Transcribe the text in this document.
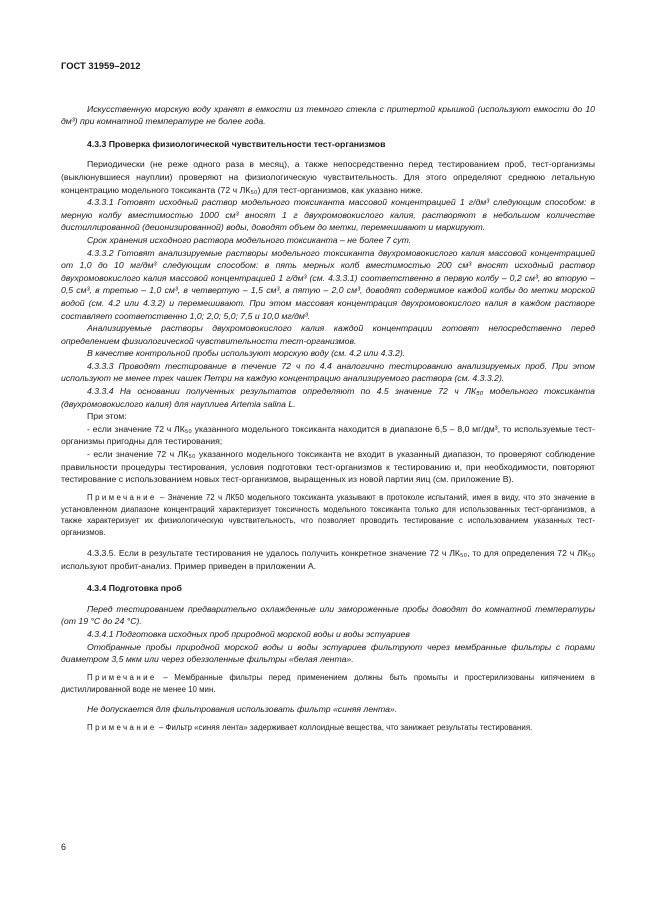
ГОСТ 31959–2012

Искусственную морскую воду хранят в емкости из темного стекла с притертой крышкой (используют емкости до 10 дм³) при комнатной температуре не более года.

4.3.3 Проверка физиологической чувствительности тест-организмов

Периодически (не реже одного раза в месяц), а также непосредственно перед тестированием проб, тест-организмы (выклюнувшиеся науплии) проверяют на физиологическую чувствительность. Для этого определяют среднюю летальную концентрацию модельного токсиканта (72 ч ЛК₅₀) для тест-организмов, как указано ниже.

4.3.3.1 Готовят исходный раствор модельного токсиканта массовой концентрацией 1 г/дм³ следующим способом: в мерную колбу вместимостью 1000 см³ вносят 1 г двухромовокислого калия, растворяют в небольшом количестве дистиллированной (деионизированной) воды, доводят объем до метки, перемешивают и маркируют.

Срок хранения исходного раствора модельного токсиканта – не более 7 сут.

4.3.3.2 Готовят анализируемые растворы модельного токсиканта двухромовокислого калия массовой концентрацией от 1,0 до 10 мг/дм³ следующим способом: в пять мерных колб вместимостью 200 см³ вносят исходный раствор двухромовокислого калия массовой концентрацией 1 г/дм³ (см. 4.3.3.1) соответственно в первую колбу – 0,2 см³, во вторую – 0,5 см³, в третью – 1,0 см³, в четвертую – 1,5 см³, в пятую – 2,0 см³, доводят содержимое каждой колбы до метки морской водой (см. 4.2 или 4.3.2) и перемешивают. При этом массовая концентрация двухромовокислого калия в каждом растворе составляет соответственно 1,0; 2,0; 5,0; 7,5 и 10,0 мг/дм³.

Анализируемые растворы двухромовокислого калия каждой концентрации готовят непосредственно перед определением физиологической чувствительности тест-организмов.

В качестве контрольной пробы используют морскую воду (см. 4.2 или 4.3.2).

4.3.3.3 Проводят тестирование в течение 72 ч по 4.4 аналогично тестированию анализируемых проб. При этом используют не менее трех чашек Петри на каждую концентрацию анализируемого раствора (см. 4.3.3.2).

4.3.3.4 На основании полученных результатов определяют по 4.5 значение 72 ч ЛК₅₀ модельного токсиканта (двухромовокислого калия) для науплиев Artemia salina L.

При этом:

- если значение 72 ч ЛК₅₀ указанного модельного токсиканта находится в диапазоне 6,5 – 8,0 мг/дм³, то используемые тест-организмы пригодны для тестирования;

- если значение 72 ч ЛК₅₀ указанного модельного токсиканта не входит в указанный диапазон, то проверяют соблюдение правильности процедуры тестирования, условия подготовки тест-организмов к тестированию и, при необходимости, повторяют тестирование с использованием новых тест-организмов, выращенных из новой партии яиц (см. приложение В).

Примечание – Значение 72 ч ЛК50 модельного токсиканта указывают в протоколе испытаний, имея в виду, что это значение в установленном диапазоне концентраций характеризует токсичность модельного токсиканта только для использованных тест-организмов, а также характеризует их физиологическую чувствительность, что позволяет проводить тестирование с использованием указанных тест-организмов.

4.3.3.5. Если в результате тестирования не удалось получить конкретное значение 72 ч ЛК₅₀, то для определения 72 ч ЛК₅₀ используют пробит-анализ. Пример приведен в приложении А.

4.3.4 Подготовка проб

Перед тестированием предварительно охлажденные или замороженные пробы доводят до комнатной температуры (от 19 °С до 24 °С).

4.3.4.1 Подготовка исходных проб природной морской воды и воды эстуариев

Отобранные пробы природной морской воды и воды эстуариев фильтруют через мембранные фильтры с порами диаметром 3,5 мкм или через обеззоленные фильтры «белая лента».

Примечание – Мембранные фильтры перед применением должны быть промыты и простерилизованы кипячением в дистиллированной воде не менее 10 мин.

Не допускается для фильтрования использовать фильтр «синяя лента».

Примечание – Фильтр «синяя лента» задерживает коллоидные вещества, что занижает результаты тестирования.

6
